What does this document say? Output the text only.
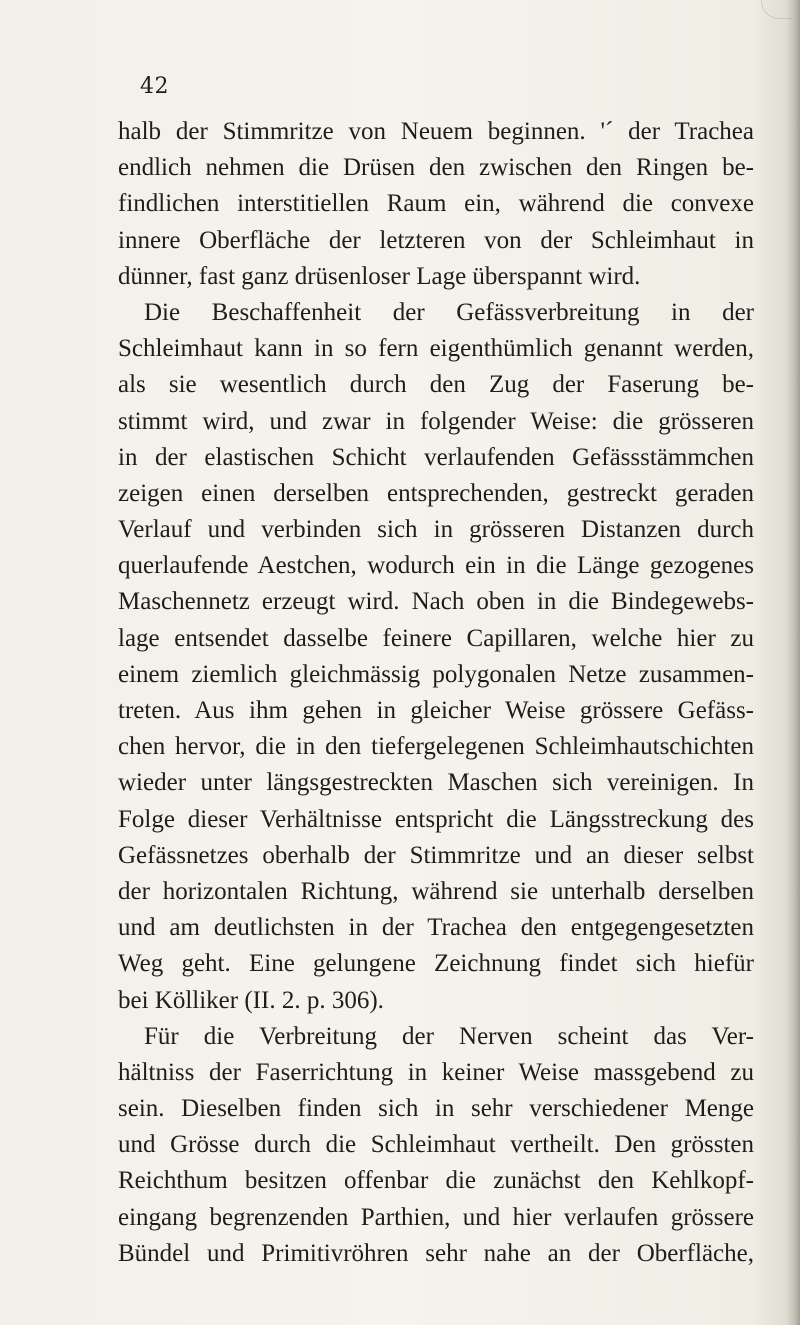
42
halb der Stimmritze von Neuem beginnen. '´ der Trachea
endlich nehmen die Drüsen den zwischen den Ringen be-
findlichen interstitiellen Raum ein, während die convexe
innere Oberfläche der letzteren von der Schleimhaut in
dünner, fast ganz drüsenloser Lage überspannt wird.
Die Beschaffenheit der Gefässverbreitung in der
Schleimhaut kann in so fern eigenthümlich genannt werden,
als sie wesentlich durch den Zug der Faserung be-
stimmt wird, und zwar in folgender Weise: die grösseren
in der elastischen Schicht verlaufenden Gefässstämmchen
zeigen einen derselben entsprechenden, gestreckt geraden
Verlauf und verbinden sich in grösseren Distanzen durch
querlaufende Aestchen, wodurch ein in die Länge gezogenes
Maschennetz erzeugt wird. Nach oben in die Bindegewebs-
lage entsendet dasselbe feinere Capillaren, welche hier zu
einem ziemlich gleichmässig polygonalen Netze zusammen-
treten. Aus ihm gehen in gleicher Weise grössere Gefäss-
chen hervor, die in den tiefergelegenen Schleimhautschichten
wieder unter längsgestreckten Maschen sich vereinigen. In
Folge dieser Verhältnisse entspricht die Längsstreckung des
Gefässnetzes oberhalb der Stimmritze und an dieser selbst
der horizontalen Richtung, während sie unterhalb derselben
und am deutlichsten in der Trachea den entgegengesetzten
Weg geht. Eine gelungene Zeichnung findet sich hiefür
bei Kölliker (II. 2. p. 306).
Für die Verbreitung der Nerven scheint das Ver-
hältniss der Faserrichtung in keiner Weise massgebend zu
sein. Dieselben finden sich in sehr verschiedener Menge
und Grösse durch die Schleimhaut vertheilt. Den grössten
Reichthum besitzen offenbar die zunächst den Kehlkopf-
eingang begrenzenden Parthien, und hier verlaufen grössere
Bündel und Primitivröhren sehr nahe an der Oberfläche,
